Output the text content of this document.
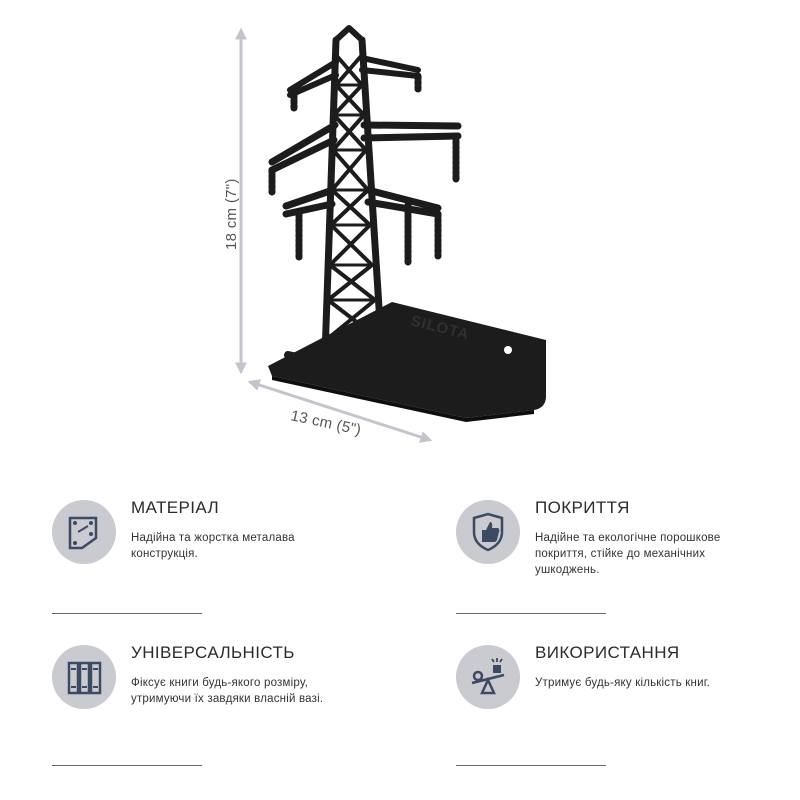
18 cm (7")
13 cm (5")
SILOTA
МАТЕРІАЛ
Надійна та жорстка металава
конструкція.
ПОКРИТТЯ
Надійне та екологічне порошкове
покриття, стійке до механічних
ушкоджень.
УНІВЕРСАЛЬНІСТЬ
Фіксує книги будь-якого розміру,
утримуючи їх завдяки власній вазі.
ВИКОРИСТАННЯ
Утримує будь-яку кількість книг.
